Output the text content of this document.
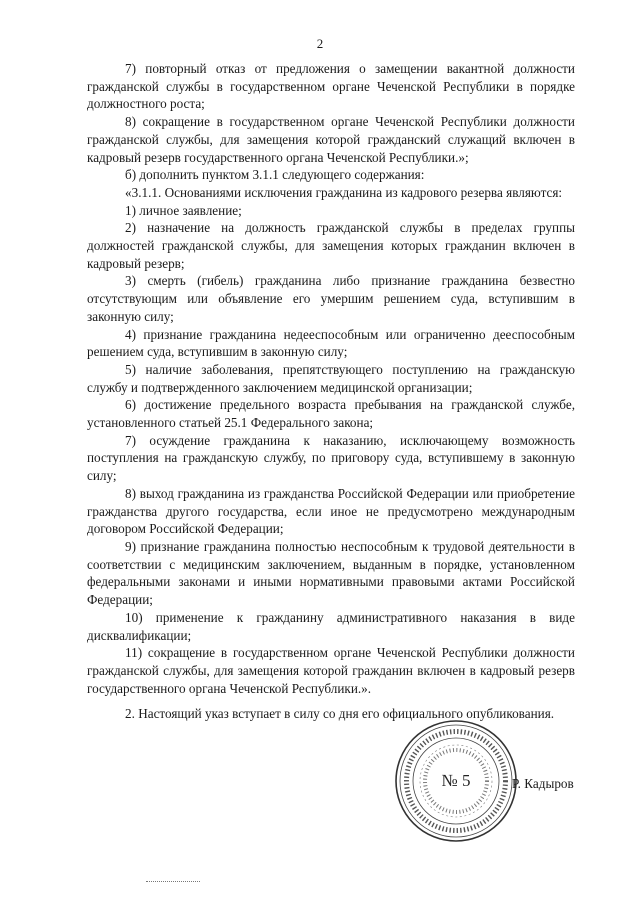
2

7) повторный отказ от предложения о замещении вакантной должности гражданской службы в государственном органе Чеченской Республики в порядке должностного роста;

8) сокращение в государственном органе Чеченской Республики должности гражданской службы, для замещения которой гражданский служащий включен в кадровый резерв государственного органа Чеченской Республики.»;

б) дополнить пунктом 3.1.1 следующего содержания:

«3.1.1. Основаниями исключения гражданина из кадрового резерва являются:

1) личное заявление;

2) назначение на должность гражданской службы в пределах группы должностей гражданской службы, для замещения которых гражданин включен в кадровый резерв;

3) смерть (гибель) гражданина либо признание гражданина безвестно отсутствующим или объявление его умершим решением суда, вступившим в законную силу;

4) признание гражданина недееспособным или ограниченно дееспособным решением суда, вступившим в законную силу;

5) наличие заболевания, препятствующего поступлению на гражданскую службу и подтвержденного заключением медицинской организации;

6) достижение предельного возраста пребывания на гражданской службе, установленного статьей 25.1 Федерального закона;

7) осуждение гражданина к наказанию, исключающему возможность поступления на гражданскую службу, по приговору суда, вступившему в законную силу;

8) выход гражданина из гражданства Российской Федерации или приобретение гражданства другого государства, если иное не предусмотрено международным договором Российской Федерации;

9) признание гражданина полностью неспособным к трудовой деятельности в соответствии с медицинским заключением, выданным в порядке, установленном федеральными законами и иными нормативными правовыми актами Российской Федерации;

10) применение к гражданину административного наказания в виде дисквалификации;

11) сокращение в государственном органе Чеченской Республики должности гражданской службы, для замещения которой гражданин включен в кадровый резерв государственного органа Чеченской Республики.».

2. Настоящий указ вступает в силу со дня его официального опубликования.

№ 5	Р. Кадыров
